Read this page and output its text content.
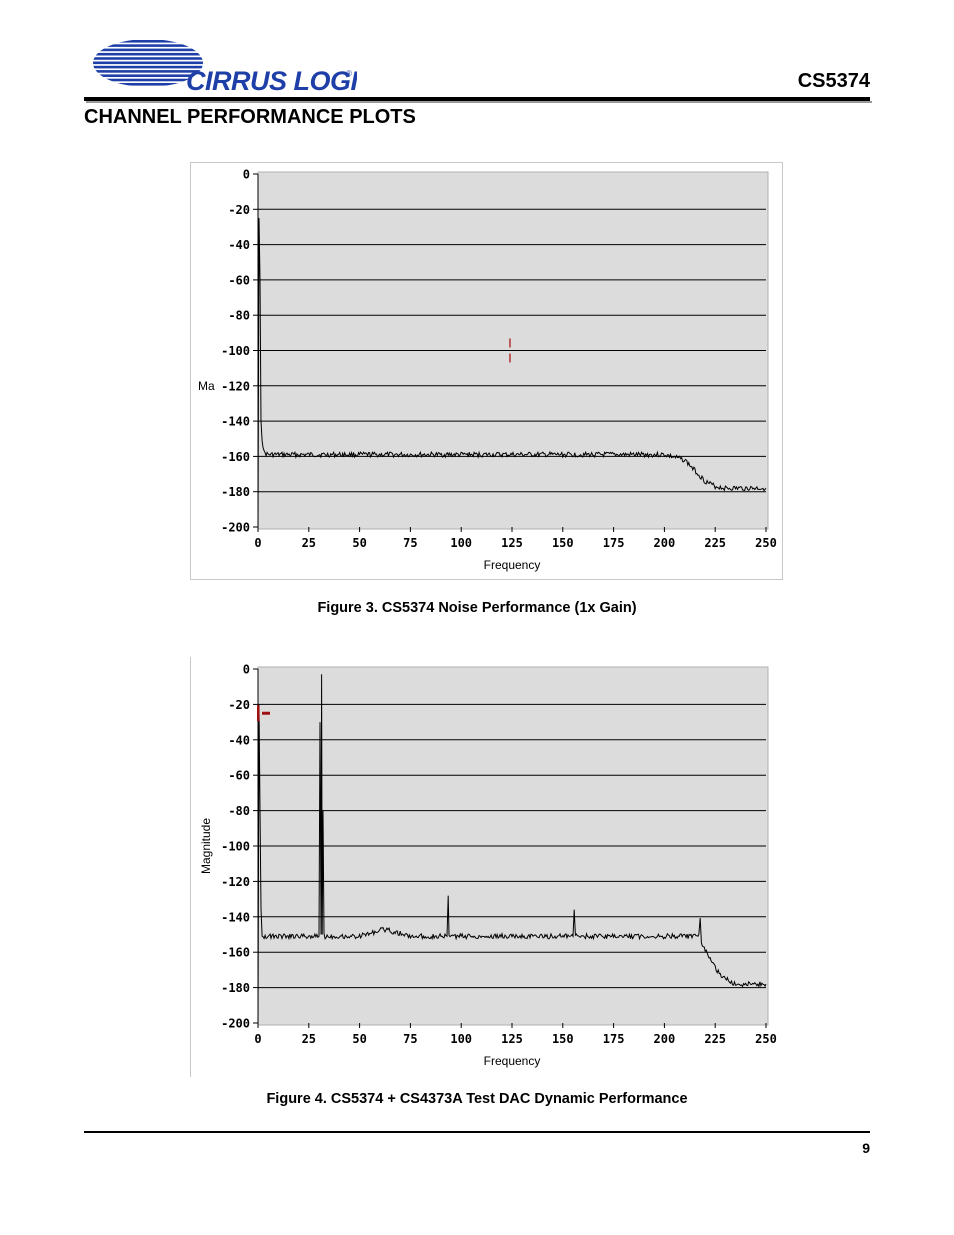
CIRRUS LOGI
®	CS5374
CHANNEL PERFORMANCE PLOTS
0
-20
-40
-60
-80
-100
-120
-140
-160
-180
-200
0	25	50	75	100 125 150 175 200 225 250
Frequency
Ma
Figure 3. CS5374 Noise Performance (1x Gain)
0
-20
-40
-60
-80
-100
-120
-140
-160
-180
-200
0	25	50	75	100 125 150 175 200 225 250
Frequency
Magnitude
Figure 4. CS5374 + CS4373A Test DAC Dynamic Performance
9
